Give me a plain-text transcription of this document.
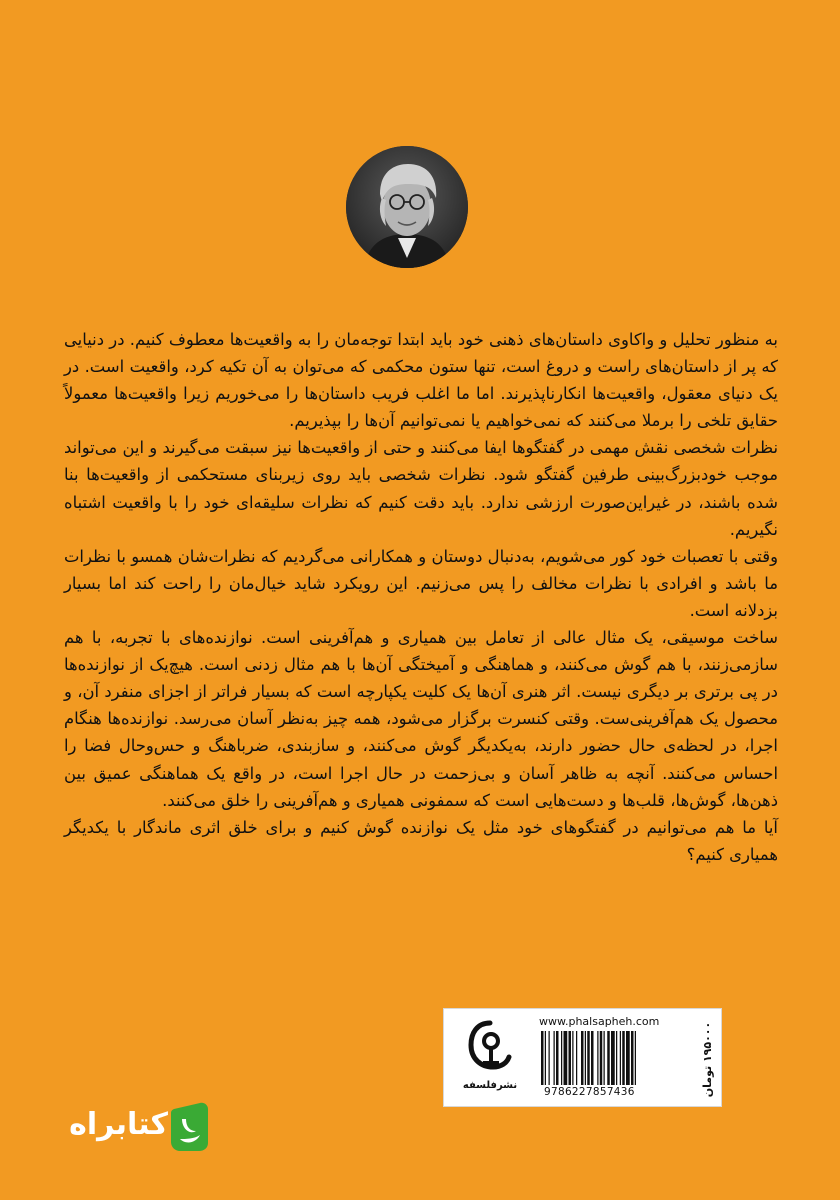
به منظور تحلیل و واکاوی داستان‌های ذهنی خود باید ابتدا توجه‌مان را به واقعیت‌ها معطوف کنیم. در دنیایی که پر از داستان‌های راست و دروغ است، تنها ستون محکمی که می‌توان به آن تکیه کرد، واقعیت است. در یک دنیای معقول، واقعیت‌ها انکارناپذیرند. اما ما اغلب فریب داستان‌ها را می‌خوریم زیرا واقعیت‌ها معمولاً حقایق تلخی را برملا می‌کنند که نمی‌خواهیم یا نمی‌توانیم آن‌ها را بپذیریم.

نظرات شخصی نقش مهمی در گفتگوها ایفا می‌کنند و حتی از واقعیت‌ها نیز سبقت می‌گیرند و این می‌تواند موجب خودبزرگ‌بینی طرفین گفتگو شود. نظرات شخصی باید روی زیربنای مستحکمی از واقعیت‌ها بنا شده باشند، در غیراین‌صورت ارزشی ندارد. باید دقت کنیم که نظرات سلیقه‌ای خود را با واقعیت اشتباه نگیریم.

وقتی با تعصبات خود کور می‌شویم، به‌دنبال دوستان و همکارانی می‌گردیم که نظرات‌شان همسو با نظرات ما باشد و افرادی با نظرات مخالف را پس می‌زنیم. این رویکرد شاید خیال‌مان را راحت کند اما بسیار بزدلانه است.

ساخت موسیقی، یک مثال عالی از تعامل بین همیاری و هم‌آفرینی است. نوازنده‌های با تجربه، با هم سازمی‌زنند، با هم گوش می‌کنند، و هماهنگی و آمیختگی آن‌ها با هم مثال زدنی است. هیچ‌یک از نوازنده‌ها در پی برتری بر دیگری نیست. اثر هنری آن‌ها یک کلیت یکپارچه است که بسیار فراتر از اجزای منفرد آن، و محصول یک هم‌آفرینی‌ست. وقتی کنسرت برگزار می‌شود، همه چیز به‌نظر آسان می‌رسد. نوازنده‌ها هنگام اجرا، در لحظه‌ی حال حضور دارند، به‌یکدیگر گوش می‌کنند، و سازبندی، ضرباهنگ و حس‌وحال فضا را احساس می‌کنند. آنچه به ظاهر آسان و بی‌زحمت در حال اجرا است، در واقع یک هماهنگی عمیق بین ذهن‌ها، گوش‌ها، قلب‌ها و دست‌هایی است که سمفونی همیاری و هم‌آفرینی را خلق می‌کنند.

آیا ما هم می‌توانیم در گفتگوهای خود مثل یک نوازنده گوش کنیم و برای خلق اثری ماندگار با یکدیگر همیاری کنیم؟

نشرفلسفه
www.phalsapheh.com
9786227857436	۱۹۵۰۰۰ تومان
کتابراه
